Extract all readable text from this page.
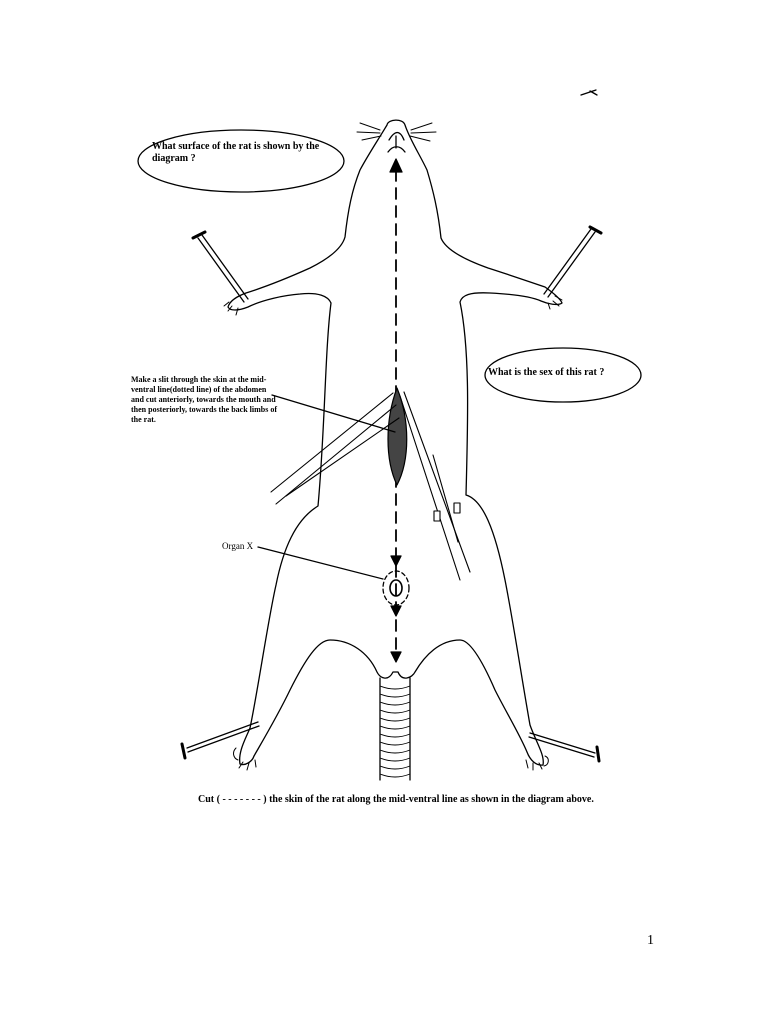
What surface of the rat is shown by the diagram ?
What is the sex of this rat ?
Make a slit through the skin at the mid-ventral line(dotted line) of the abdomen and cut anteriorly, towards the mouth and then posteriorly, towards the back limbs of the rat.
Organ X
Cut ( - - - - - - - ) the skin of the rat along the mid-ventral line as shown in the diagram above.
1
